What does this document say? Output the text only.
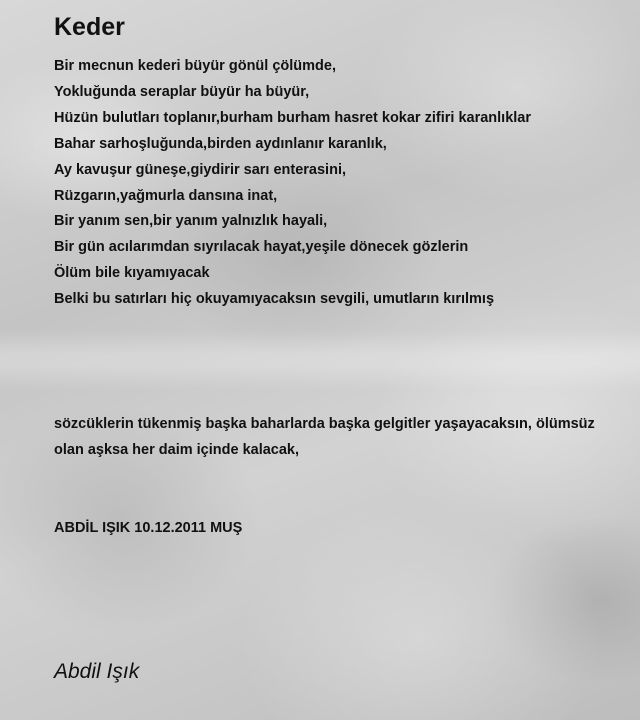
Keder
Bir mecnun kederi büyür gönül çölümde,
Yokluğunda seraplar büyür ha büyür,
Hüzün bulutları toplanır,burham burham hasret kokar zifiri karanlıklar
Bahar sarhoşluğunda,birden aydınlanır karanlık,
Ay kavuşur güneşe,giydirir sarı enterasini,
Rüzgarın,yağmurla dansına inat,
Bir yanım sen,bir yanım yalnızlık hayali,
Bir gün acılarımdan sıyrılacak hayat,yeşile dönecek gözlerin
Ölüm bile kıyamıyacak
Belki bu satırları hiç okuyamıyacaksın sevgili, umutların kırılmış
sözcüklerin tükenmiş başka baharlarda başka gelgitler yaşayacaksın, ölümsüz
olan aşksa her daim içinde kalacak,
ABDİL IŞIK 10.12.2011 MUŞ
Abdil Işık
